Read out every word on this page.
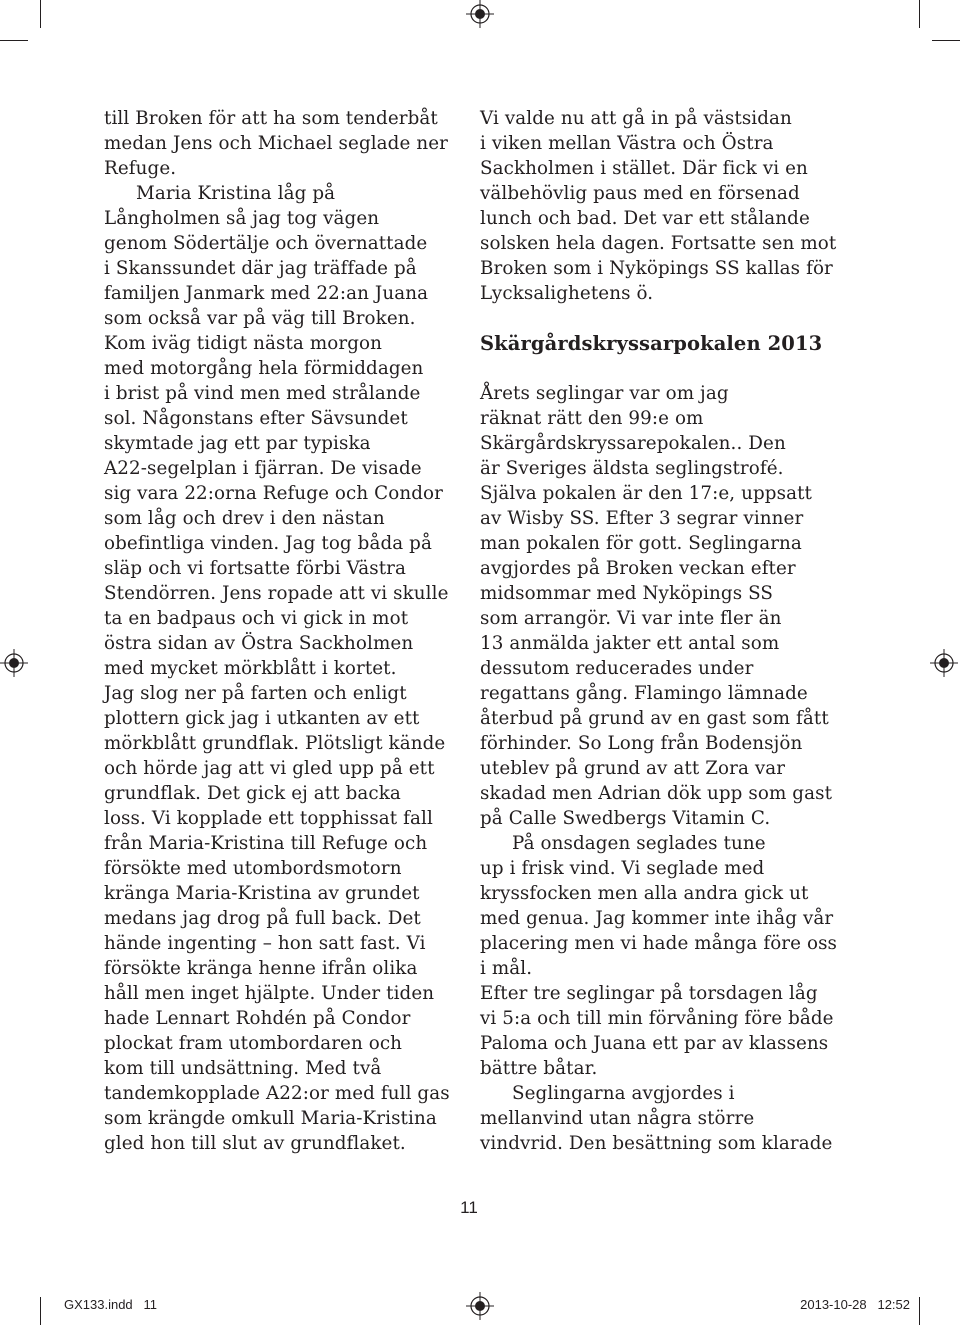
till Broken för att ha som tenderbåt
medan Jens och Michael seglade ner
Refuge.
Maria Kristina låg på
Långholmen så jag tog vägen
genom Södertälje och övernattade
i Skanssundet där jag träffade på
familjen Janmark med 22:an Juana
som också var på väg till Broken.
Kom iväg tidigt nästa morgon
med motorgång hela förmiddagen
i brist på vind men med strålande
sol. Någonstans efter Sävsundet
skymtade jag ett par typiska
A22-segelplan i fjärran. De visade
sig vara 22:orna Refuge och Condor
som låg och drev i den nästan
obefintliga vinden. Jag tog båda på
släp och vi fortsatte förbi Västra
Stendörren. Jens ropade att vi skulle
ta en badpaus och vi gick in mot
östra sidan av Östra Sackholmen
med mycket mörkblått i kortet.
Jag slog ner på farten och enligt
plottern gick jag i utkanten av ett
mörkblått grundflak. Plötsligt kände
och hörde jag att vi gled upp på ett
grundflak. Det gick ej att backa
loss. Vi kopplade ett topphissat fall
från Maria-Kristina till Refuge och
försökte med utombordsmotorn
kränga Maria-Kristina av grundet
medans jag drog på full back. Det
hände ingenting – hon satt fast. Vi
försökte kränga henne ifrån olika
håll men inget hjälpte. Under tiden
hade Lennart Rohdén på Condor
plockat fram utombordaren och
kom till undsättning. Med två
tandemkopplade A22:or med full gas
som krängde omkull Maria-Kristina
gled hon till slut av grundflaket.
Vi valde nu att gå in på västsidan
i viken mellan Västra och Östra
Sackholmen i stället. Där fick vi en
välbehövlig paus med en försenad
lunch och bad. Det var ett stålande
solsken hela dagen. Fortsatte sen mot
Broken som i Nyköpings SS kallas för
Lycksalighetens ö.
Skärgårdskryssarpokalen 2013
Årets seglingar var om jag
räknat rätt den 99:e om
Skärgårdskryssarepokalen.. Den
är Sveriges äldsta seglingstrofé.
Själva pokalen är den 17:e, uppsatt
av Wisby SS. Efter 3 segrar vinner
man pokalen för gott. Seglingarna
avgjordes på Broken veckan efter
midsommar med Nyköpings SS
som arrangör. Vi var inte fler än
13 anmälda jakter ett antal som
dessutom reducerades under
regattans gång. Flamingo lämnade
återbud på grund av en gast som fått
förhinder. So Long från Bodensjön
uteblev på grund av att Zora var
skadad men Adrian dök upp som gast
på Calle Swedbergs Vitamin C.
På onsdagen seglades tune
up i frisk vind. Vi seglade med
kryssfocken men alla andra gick ut
med genua. Jag kommer inte ihåg vår
placering men vi hade många före oss
i mål.
Efter tre seglingar på torsdagen låg
vi 5:a och till min förvåning före både
Paloma och Juana ett par av klassens
bättre båtar.
Seglingarna avgjordes i
mellanvind utan några större
vindvrid. Den besättning som klarade
11
GX133.indd   11	2013-10-28   12:52
